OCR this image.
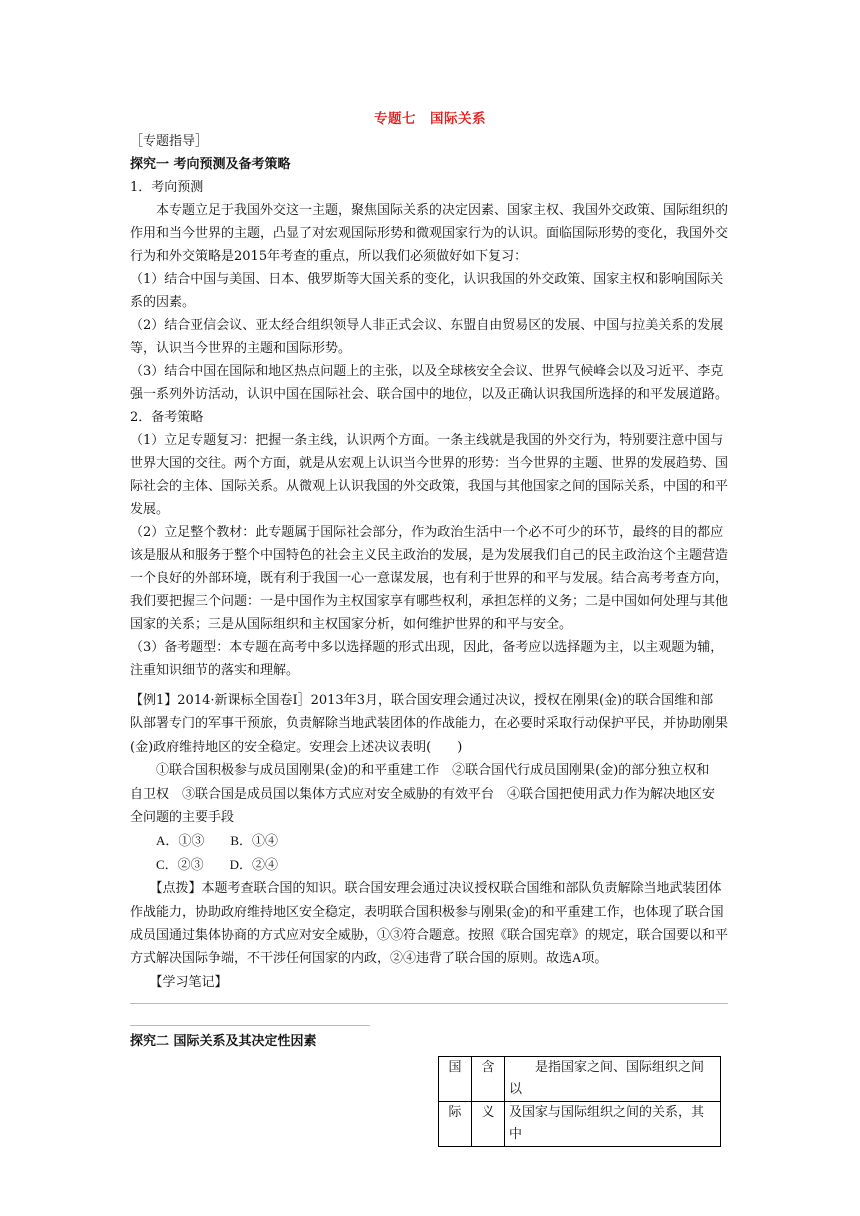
专题七　国际关系
［专题指导］
探究一 考向预测及备考策略
1．考向预测
　　本专题立足于我国外交这一主题，聚焦国际关系的决定因素、国家主权、我国外交政策、国际组织的
作用和当今世界的主题，凸显了对宏观国际形势和微观国家行为的认识。面临国际形势的变化，我国外交
行为和外交策略是2015年考查的重点，所以我们必须做好如下复习：
（1）结合中国与美国、日本、俄罗斯等大国关系的变化，认识我国的外交政策、国家主权和影响国际关
系的因素。
（2）结合亚信会议、亚太经合组织领导人非正式会议、东盟自由贸易区的发展、中国与拉美关系的发展
等，认识当今世界的主题和国际形势。
（3）结合中国在国际和地区热点问题上的主张，以及全球核安全会议、世界气候峰会以及习近平、李克
强一系列外访活动，认识中国在国际社会、联合国中的地位，以及正确认识我国所选择的和平发展道路。
2．备考策略
（1）立足专题复习：把握一条主线，认识两个方面。一条主线就是我国的外交行为，特别要注意中国与
世界大国的交往。两个方面，就是从宏观上认识当今世界的形势：当今世界的主题、世界的发展趋势、国
际社会的主体、国际关系。从微观上认识我国的外交政策，我国与其他国家之间的国际关系，中国的和平
发展。
（2）立足整个教材：此专题属于国际社会部分，作为政治生活中一个必不可少的环节，最终的目的都应
该是服从和服务于整个中国特色的社会主义民主政治的发展，是为发展我们自己的民主政治这个主题营造
一个良好的外部环境，既有利于我国一心一意谋发展，也有利于世界的和平与发展。结合高考考查方向，
我们要把握三个问题：一是中国作为主权国家享有哪些权利，承担怎样的义务；二是中国如何处理与其他
国家的关系；三是从国际组织和主权国家分析，如何维护世界的和平与安全。
（3）备考题型：本专题在高考中多以选择题的形式出现，因此，备考应以选择题为主，以主观题为辅，
注重知识细节的落实和理解。
【例1】2014·新课标全国卷Ⅰ］2013年3月，联合国安理会通过决议，授权在刚果(金)的联合国维和部
队部署专门的军事干预旅，负责解除当地武装团体的作战能力，在必要时采取行动保护平民，并协助刚果
(金)政府维持地区的安全稳定。安理会上述决议表明(　　)
　　①联合国积极参与成员国刚果(金)的和平重建工作　②联合国代行成员国刚果(金)的部分独立权和
自卫权　③联合国是成员国以集体方式应对安全威胁的有效平台　④联合国把使用武力作为解决地区安
全问题的主要手段
　　A．①③　　B．①④
　　C．②③　　D．②④
　　【点拨】本题考查联合国的知识。联合国安理会通过决议授权联合国维和部队负责解除当地武装团体
作战能力，协助政府维持地区安全稳定，表明联合国积极参与刚果(金)的和平重建工作，也体现了联合国
成员国通过集体协商的方式应对安全威胁，①③符合题意。按照《联合国宪章》的规定，联合国要以和平
方式解决国际争端，不干涉任何国家的内政，②④违背了联合国的原则。故选A项。
　　【学习笔记】
探究二 国际关系及其决定性因素
国	含	　　是指国家之间、国际组织之间以
际	义	及国家与国际组织之间的关系，其中
